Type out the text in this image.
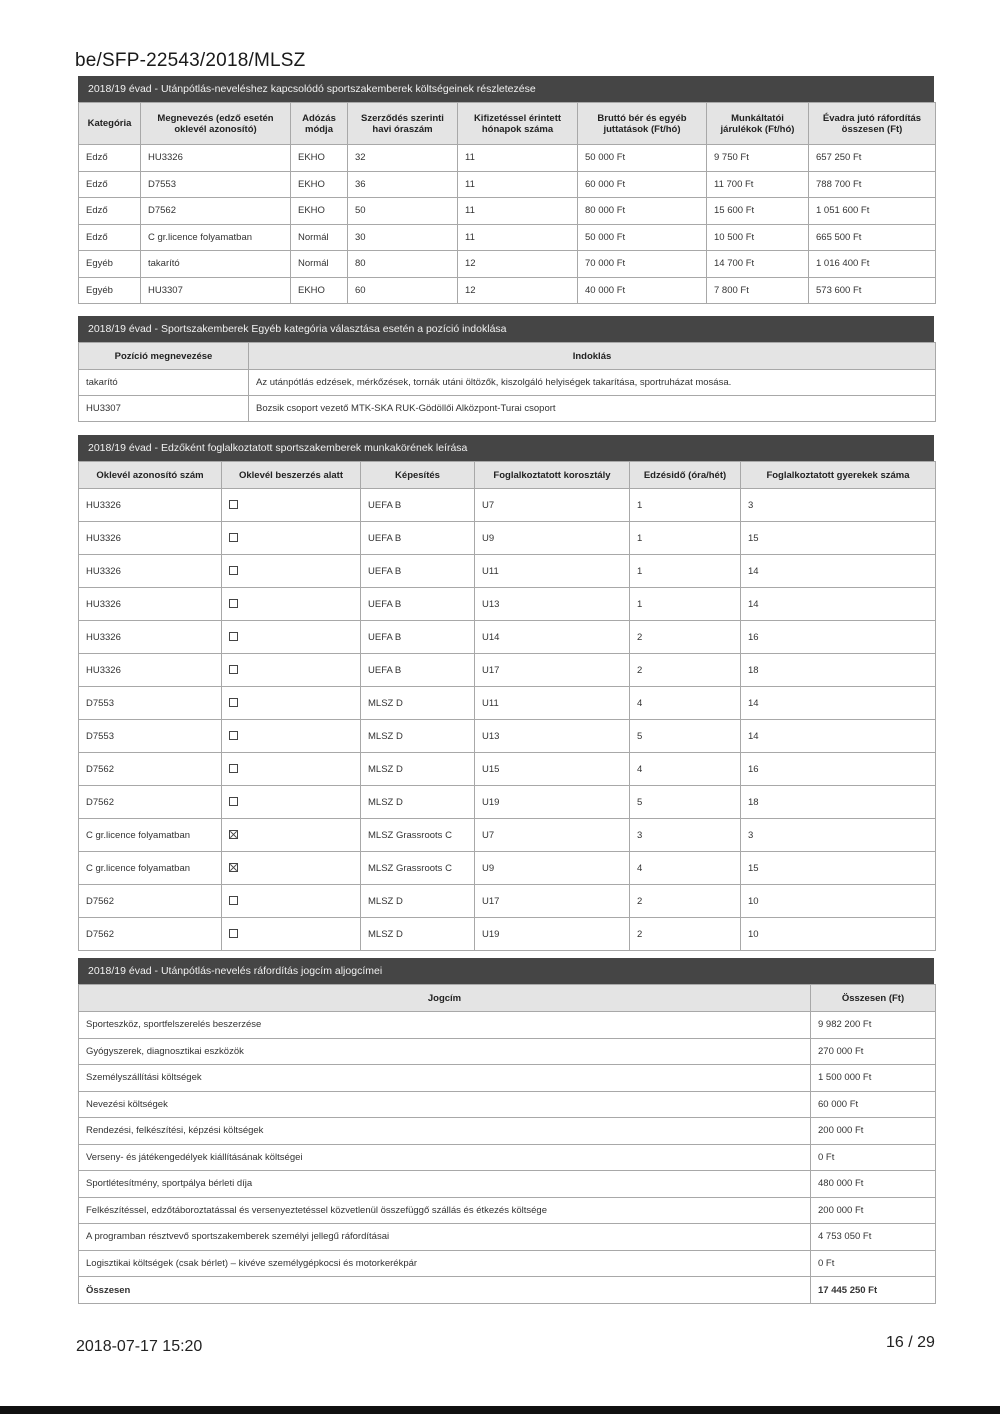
be/SFP-22543/2018/MLSZ
2018/19 évad - Utánpótlás-neveléshez kapcsolódó sportszakemberek költségeinek részletezése
Kategória	Megnevezés (edző esetén oklevél azonosító)	Adózás módja	Szerződés szerinti havi óraszám	Kifizetéssel érintett hónapok száma	Bruttó bér és egyéb juttatások (Ft/hó)	Munkáltatói járulékok (Ft/hó)	Évadra jutó ráfordítás összesen (Ft)
Edző	HU3326	EKHO	32	11	50 000 Ft	9 750 Ft	657 250 Ft
Edző	D7553	EKHO	36	11	60 000 Ft	11 700 Ft	788 700 Ft
Edző	D7562	EKHO	50	11	80 000 Ft	15 600 Ft	1 051 600 Ft
Edző	C gr.licence folyamatban	Normál	30	11	50 000 Ft	10 500 Ft	665 500 Ft
Egyéb	takarító	Normál	80	12	70 000 Ft	14 700 Ft	1 016 400 Ft
Egyéb	HU3307	EKHO	60	12	40 000 Ft	7 800 Ft	573 600 Ft
2018/19 évad - Sportszakemberek Egyéb kategória választása esetén a pozíció indoklása
Pozíció megnevezése	Indoklás
takarító	Az utánpótlás edzések, mérkőzések, tornák utáni öltözők, kiszolgáló helyiségek takarítása, sportruházat mosása.
HU3307	Bozsik csoport vezető MTK-SKA RUK-Gödöllői Alközpont-Turai csoport
2018/19 évad - Edzőként foglalkoztatott sportszakemberek munkakörének leírása
Oklevél azonosító szám	Oklevél beszerzés alatt	Képesítés	Foglalkoztatott korosztály	Edzésidő (óra/hét)	Foglalkoztatott gyerekek száma
HU3326		UEFA B	U7	1	3
HU3326		UEFA B	U9	1	15
HU3326		UEFA B	U11	1	14
HU3326		UEFA B	U13	1	14
HU3326		UEFA B	U14	2	16
HU3326		UEFA B	U17	2	18
D7553		MLSZ D	U11	4	14
D7553		MLSZ D	U13	5	14
D7562		MLSZ D	U15	4	16
D7562		MLSZ D	U19	5	18
C gr.licence folyamatban		MLSZ Grassroots C	U7	3	3
C gr.licence folyamatban		MLSZ Grassroots C	U9	4	15
D7562		MLSZ D	U17	2	10
D7562		MLSZ D	U19	2	10
2018/19 évad - Utánpótlás-nevelés ráfordítás jogcím aljogcímei
Jogcím	Összesen (Ft)
Sporteszköz, sportfelszerelés beszerzése	9 982 200 Ft
Gyógyszerek, diagnosztikai eszközök	270 000 Ft
Személyszállítási költségek	1 500 000 Ft
Nevezési költségek	60 000 Ft
Rendezési, felkészítési, képzési költségek	200 000 Ft
Verseny- és játékengedélyek kiállításának költségei	0 Ft
Sportlétesítmény, sportpálya bérleti díja	480 000 Ft
Felkészítéssel, edzőtáboroztatással és versenyeztetéssel közvetlenül összefüggő szállás és étkezés költsége	200 000 Ft
A programban résztvevő sportszakemberek személyi jellegű ráfordításai	4 753 050 Ft
Logisztikai költségek (csak bérlet) – kivéve személygépkocsi és motorkerékpár	0 Ft
Összesen	17 445 250 Ft
2018-07-17 15:20	16 / 29
